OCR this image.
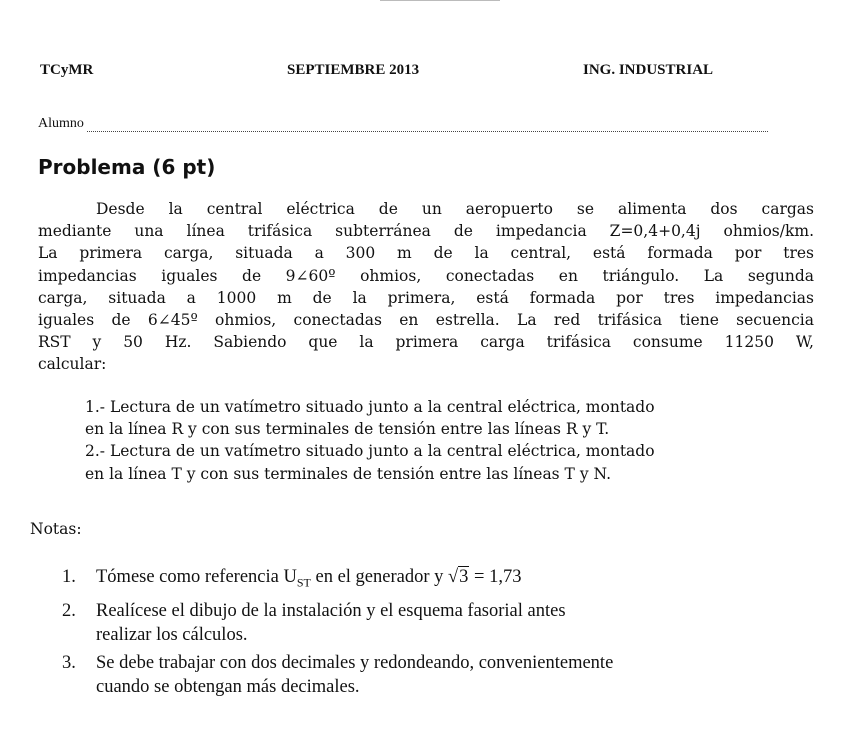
TCyMR	SEPTIEMBRE 2013	ING. INDUSTRIAL
Alumno
Problema (6 pt)
Desde la central eléctrica de un aeropuerto se alimenta dos cargas
mediante una línea trifásica subterránea de impedancia Z=0,4+0,4j ohmios/km.
La primera carga, situada a 300 m de la central, está formada por tres
impedancias iguales de 9∠60º ohmios, conectadas en triángulo. La segunda
carga, situada a 1000 m de la primera, está formada por tres impedancias
iguales de 6∠45º ohmios, conectadas en estrella. La red trifásica tiene secuencia
RST y 50 Hz. Sabiendo que la primera carga trifásica consume 11250 W,
calcular:
1.- Lectura de un vatímetro situado junto a la central eléctrica, montado
en la línea R y con sus terminales de tensión entre las líneas R y T.
2.- Lectura de un vatímetro situado junto a la central eléctrica, montado
en la línea T y con sus terminales de tensión entre las líneas T y N.
Notas:
1. Tómese como referencia $U_{ST}$ en el generador y √3 = 1,73
2. Realícese el dibujo de la instalación y el esquema fasorial antes
realizar los cálculos.
3. Se debe trabajar con dos decimales y redondeando, convenientemente
cuando se obtengan más decimales.
